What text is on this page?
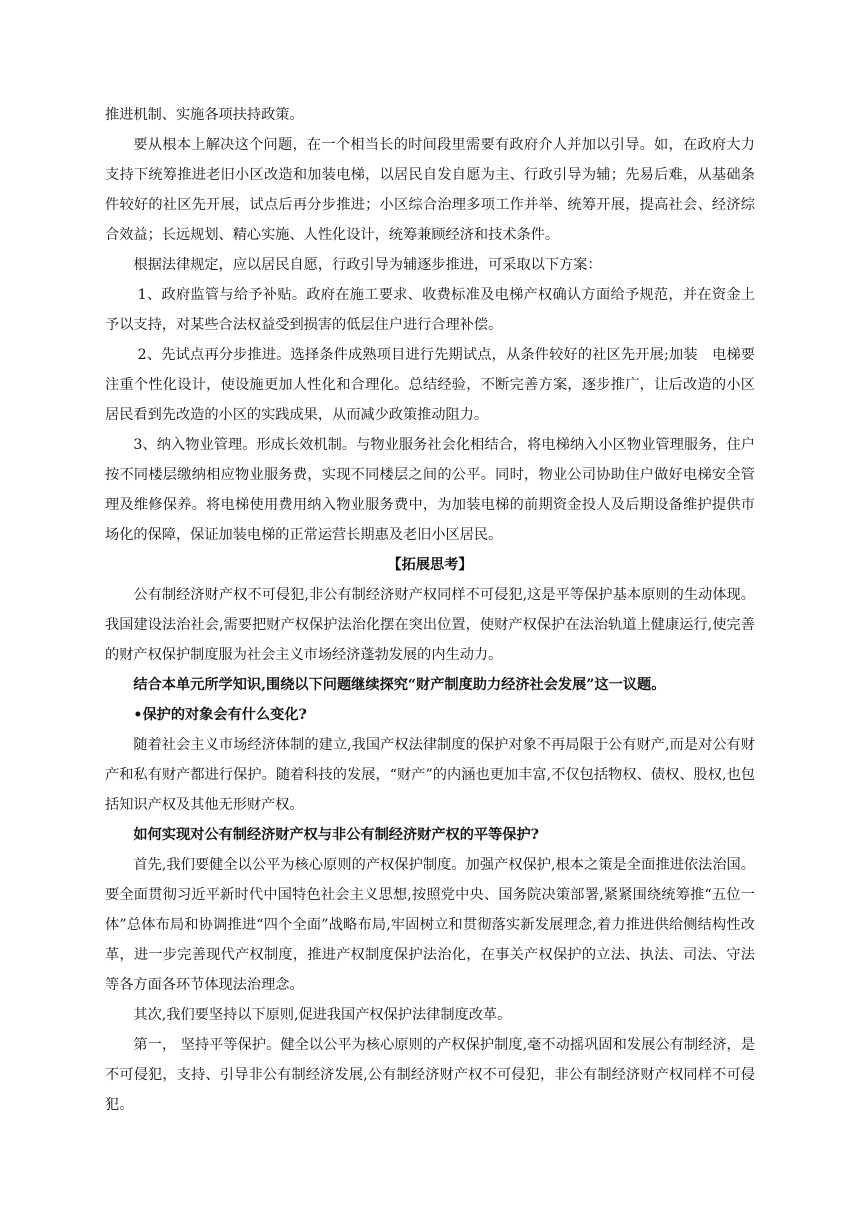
推进机制、实施各项扶持政策。

要从根本上解决这个问题，在一个相当长的时间段里需要有政府介人并加以引导。如，在政府大力支持下统筹推进老旧小区改造和加装电梯，以居民自发自愿为主、行政引导为辅；先易后难，从基础条件较好的社区先开展，试点后再分步推进；小区综合治理多项工作并举、统筹开展，提高社会、经济综合效益；长远规划、精心实施、人性化设计，统筹兼顾经济和技术条件。

根据法律规定，应以居民自愿，行政引导为辅逐步推进，可采取以下方案：

1、政府监管与给予补贴。政府在施工要求、收费标准及电梯产权确认方面给予规范，并在资金上予以支持，对某些合法权益受到损害的低层住户进行合理补偿。

2、先试点再分步推进。选择条件成熟项目进行先期试点，从条件较好的社区先开展;加装　电梯要注重个性化设计，使设施更加人性化和合理化。总结经验，不断完善方案，逐步推广，让后改造的小区居民看到先改造的小区的实践成果，从而减少政策推动阻力。

3、纳入物业管理。形成长效机制。与物业服务社会化相结合，将电梯纳入小区物业管理服务，住户按不同楼层缴纳相应物业服务费，实现不同楼层之间的公平。同时，物业公司协助住户做好电梯安全管理及维修保养。将电梯使用费用纳入物业服务费中，为加装电梯的前期资金投人及后期设备维护提供市场化的保障，保证加装电梯的正常运营长期惠及老旧小区居民。

【拓展思考】

公有制经济财产权不可侵犯,非公有制经济财产权同样不可侵犯,这是平等保护基本原则的生动体现。我国建设法治社会,需要把财产权保护法治化摆在突出位置，使财产权保护在法治轨道上健康运行,使完善的财产权保护制度服为社会主义市场经济蓬勃发展的内生动力。

结合本单元所学知识,围绕以下问题继续探究“财产制度助力经济社会发展”这一议题。

•保护的对象会有什么变化?

随着社会主义市场经济体制的建立,我国产权法律制度的保护对象不再局限于公有财产,而是对公有财产和私有财产都进行保护。随着科技的发展，“财产”的内涵也更加丰富,不仅包括物权、债权、股权,也包括知识产权及其他无形财产权。

如何实现对公有制经济财产权与非公有制经济财产权的平等保护?

首先,我们要健全以公平为核心原则的产权保护制度。加强产权保护,根本之策是全面推进依法治国。要全面贯彻习近平新时代中国特色社会主义思想,按照党中央、国务院决策部署,紧紧围绕统筹推“五位一体”总体布局和协调推进“四个全面”战略布局,牢固树立和贯彻落实新发展理念,着力推进供给侧结构性改革，进一步完善现代产权制度，推进产权制度保护法治化，在事关产权保护的立法、执法、司法、守法等各方面各环节体现法治理念。

其次,我们要坚持以下原则,促进我国产权保护法律制度改革。

第一， 坚持平等保护。健全以公平为核心原则的产权保护制度,毫不动摇巩固和发展公有制经济，是不可侵犯，支持、引导非公有制经济发展,公有制经济财产权不可侵犯，非公有制经济财产权同样不可侵犯。
